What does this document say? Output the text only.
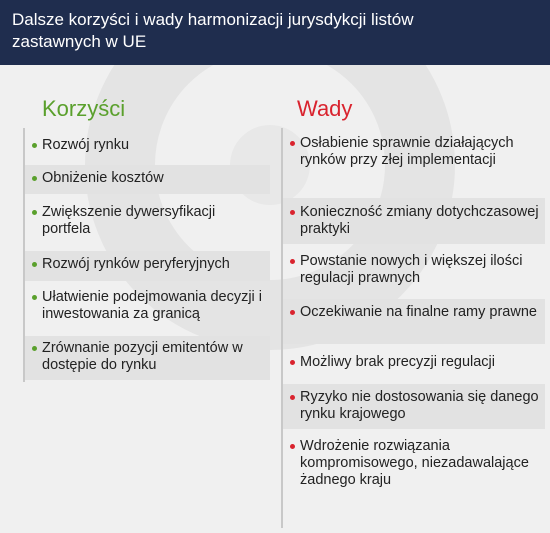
Dalsze korzyści i wady harmonizacji jurysdykcji listów zastawnych w UE
Korzyści	Wady
Rozwój rynku
Obniżenie kosztów
Zwiększenie dywersyfikacji portfela
Rozwój rynków peryferyjnych
Ułatwienie podejmowania decyzji i inwestowania za granicą
Zrównanie pozycji emitentów w dostępie do rynku
Osłabienie sprawnie działających rynków przy złej implementacji
Konieczność zmiany dotychczasowej praktyki
Powstanie nowych i większej ilości regulacji prawnych
Oczekiwanie na finalne ramy prawne
Możliwy brak precyzji regulacji
Ryzyko nie dostosowania się danego rynku krajowego
Wdrożenie rozwiązania kompromisowego, niezadawalające żadnego kraju
